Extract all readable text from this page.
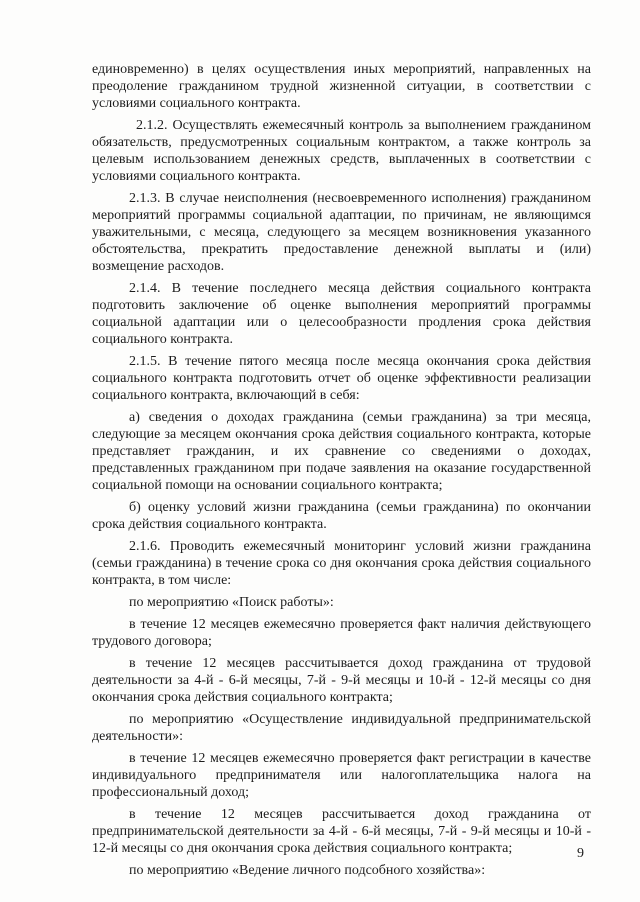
единовременно) в целях осуществления иных мероприятий, направленных на преодоление гражданином трудной жизненной ситуации, в соответствии с условиями социального контракта.

2.1.2. Осуществлять ежемесячный контроль за выполнением гражданином обязательств, предусмотренных социальным контрактом, а также контроль за целевым использованием денежных средств, выплаченных в соответствии с условиями социального контракта.

2.1.3. В случае неисполнения (несвоевременного исполнения) гражданином мероприятий программы социальной адаптации, по причинам, не являющимся уважительными, с месяца, следующего за месяцем возникновения указанного обстоятельства, прекратить предоставление денежной выплаты и (или) возмещение расходов.

2.1.4. В течение последнего месяца действия социального контракта подготовить заключение об оценке выполнения мероприятий программы социальной адаптации или о целесообразности продления срока действия социального контракта.

2.1.5. В течение пятого месяца после месяца окончания срока действия социального контракта подготовить отчет об оценке эффективности реализации социального контракта, включающий в себя:

а) сведения о доходах гражданина (семьи гражданина) за три месяца, следующие за месяцем окончания срока действия социального контракта, которые представляет гражданин, и их сравнение со сведениями о доходах, представленных гражданином при подаче заявления на оказание государственной социальной помощи на основании социального контракта;

б) оценку условий жизни гражданина (семьи гражданина) по окончании срока действия социального контракта.

2.1.6. Проводить ежемесячный мониторинг условий жизни гражданина (семьи гражданина) в течение срока со дня окончания срока действия социального контракта, в том числе:

по мероприятию «Поиск работы»:

в течение 12 месяцев ежемесячно проверяется факт наличия действующего трудового договора;

в течение 12 месяцев рассчитывается доход гражданина от трудовой деятельности за 4-й - 6-й месяцы, 7-й - 9-й месяцы и 10-й - 12-й месяцы со дня окончания срока действия социального контракта;

по мероприятию «Осуществление индивидуальной предпринимательской деятельности»:

в течение 12 месяцев ежемесячно проверяется факт регистрации в качестве индивидуального предпринимателя или налогоплательщика налога на профессиональный доход;

в течение 12 месяцев рассчитывается доход гражданина от предпринимательской деятельности за 4-й - 6-й месяцы, 7-й - 9-й месяцы и 10-й - 12-й месяцы со дня окончания срока действия социального контракта;

по мероприятию «Ведение личного подсобного хозяйства»:

9
